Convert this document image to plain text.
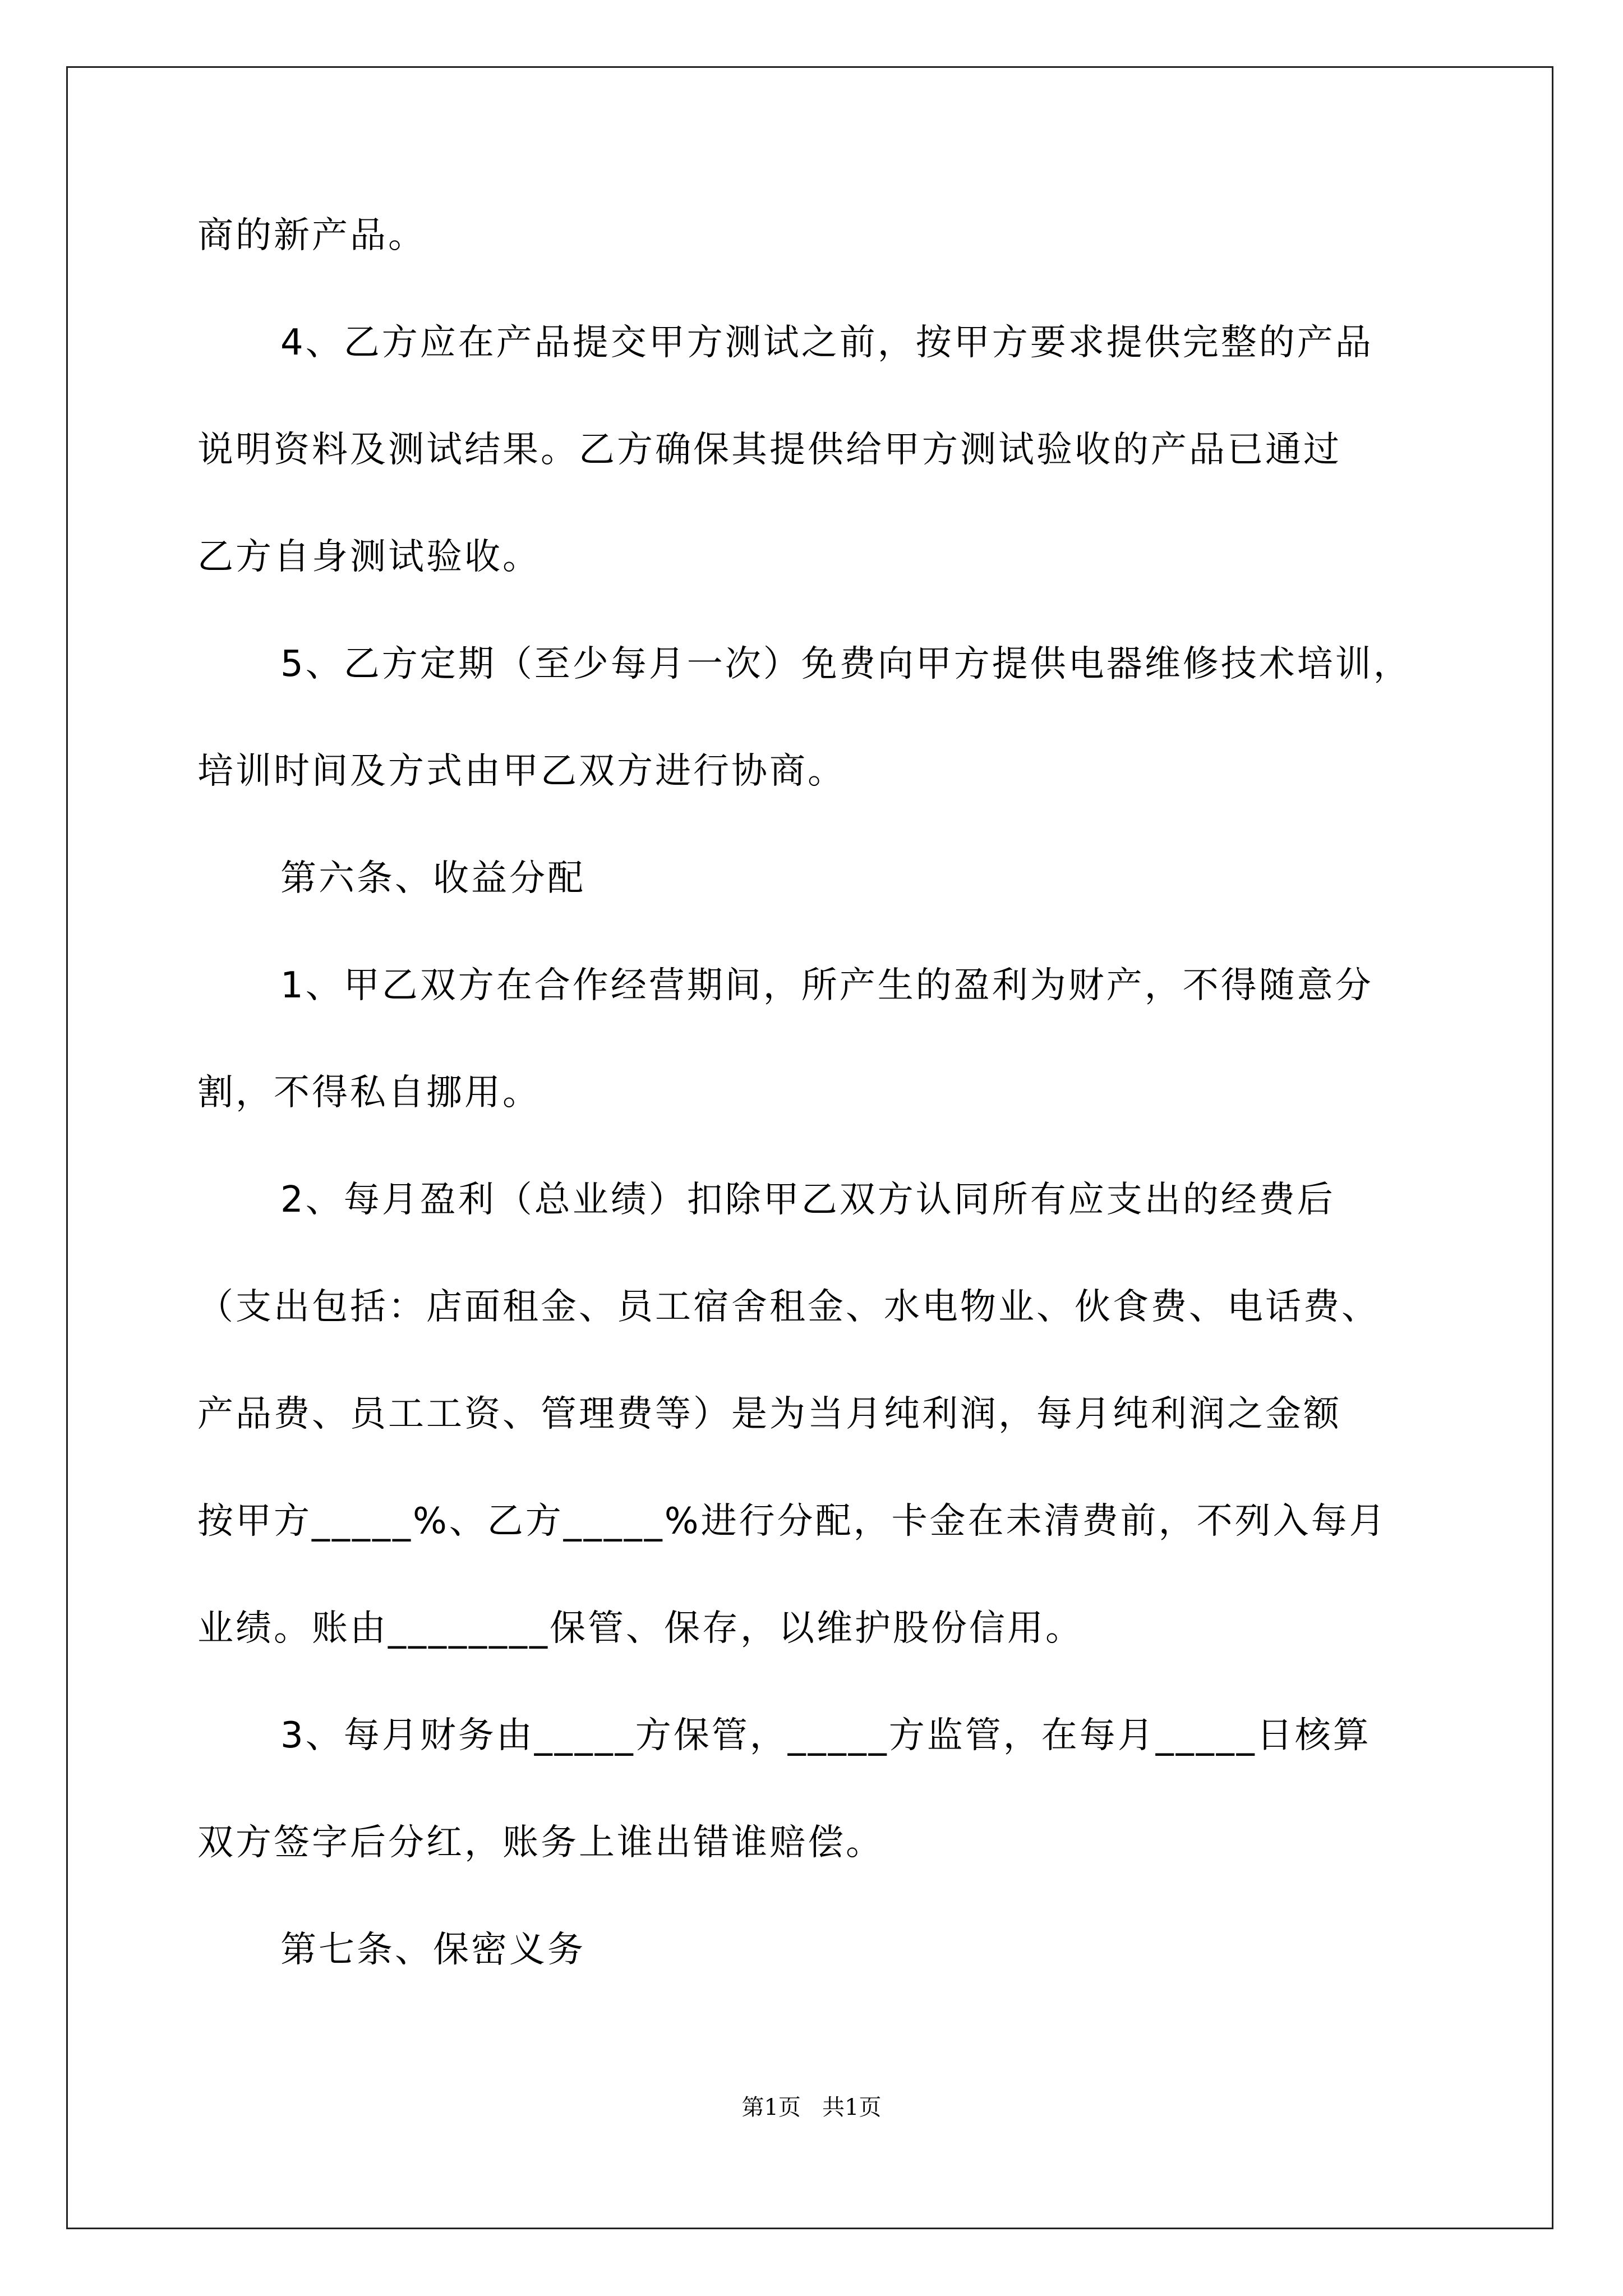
商的新产品。
4、乙方应在产品提交甲方测试之前，按甲方要求提供完整的产品
说明资料及测试结果。乙方确保其提供给甲方测试验收的产品已通过
乙方自身测试验收。
5、乙方定期（至少每月一次）免费向甲方提供电器维修技术培训，
培训时间及方式由甲乙双方进行协商。
第六条、收益分配
1、甲乙双方在合作经营期间，所产生的盈利为财产，不得随意分
割，不得私自挪用。
2、每月盈利（总业绩）扣除甲乙双方认同所有应支出的经费后
（支出包括：店面租金、员工宿舍租金、水电物业、伙食费、电话费、
产品费、员工工资、管理费等）是为当月纯利润，每月纯利润之金额
按甲方_____%、乙方_____%进行分配，卡金在未清费前，不列入每月
业绩。账由________保管、保存，以维护股份信用。
3、每月财务由_____方保管，_____方监管，在每月_____日核算
双方签字后分红，账务上谁出错谁赔偿。
第七条、保密义务
第1页   共1页
